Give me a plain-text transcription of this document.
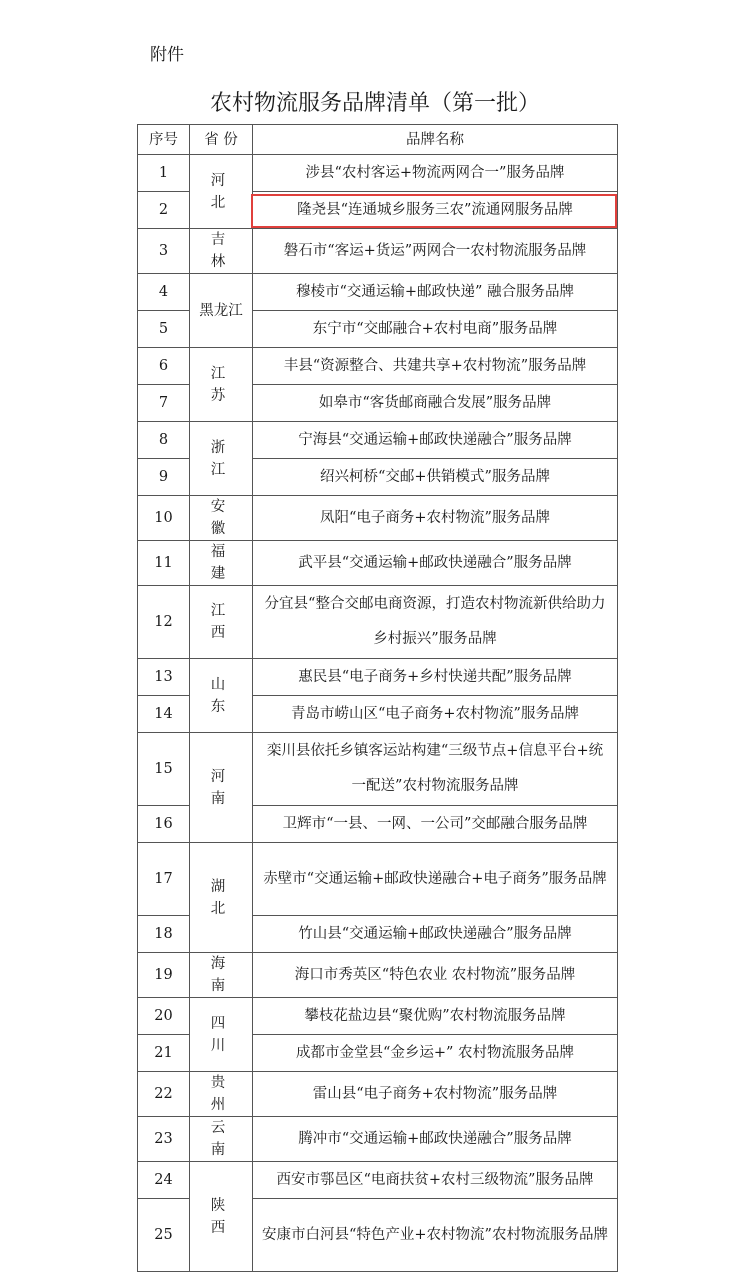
附件
农村物流服务品牌清单（第一批）
序号	省 份	品牌名称
1	河北	涉县“农村客运+物流两网合一”服务品牌
2		隆尧县“连通城乡服务三农”流通网服务品牌
3	吉林	磐石市“客运+货运”两网合一农村物流服务品牌
4	黑龙江	穆棱市“交通运输+邮政快递” 融合服务品牌
5		东宁市“交邮融合+农村电商”服务品牌
6	江苏	丰县“资源整合、共建共享+农村物流”服务品牌
7		如皋市“客货邮商融合发展”服务品牌
8	浙江	宁海县“交通运输+邮政快递融合”服务品牌
9		绍兴柯桥“交邮+供销模式”服务品牌
10	安徽	凤阳“电子商务+农村物流”服务品牌
11	福建	武平县“交通运输+邮政快递融合”服务品牌
12	江西	分宜县“整合交邮电商资源，打造农村物流新供给助力乡村振兴”服务品牌
13	山东	惠民县“电子商务+乡村快递共配”服务品牌
14		青岛市崂山区“电子商务+农村物流”服务品牌
15	河南	栾川县依托乡镇客运站构建“三级节点+信息平台+统一配送”农村物流服务品牌
16		卫辉市“一县、一网、一公司”交邮融合服务品牌
17	湖北	赤壁市“交通运输+邮政快递融合+电子商务”服务品牌
18		竹山县“交通运输+邮政快递融合”服务品牌
19	海南	海口市秀英区“特色农业 农村物流”服务品牌
20	四川	攀枝花盐边县“聚优购”农村物流服务品牌
21		成都市金堂县“金乡运+” 农村物流服务品牌
22	贵州	雷山县“电子商务+农村物流”服务品牌
23	云南	腾冲市“交通运输+邮政快递融合”服务品牌
24	陕西	西安市鄠邑区“电商扶贫+农村三级物流”服务品牌
25		安康市白河县“特色产业+农村物流”农村物流服务品牌
